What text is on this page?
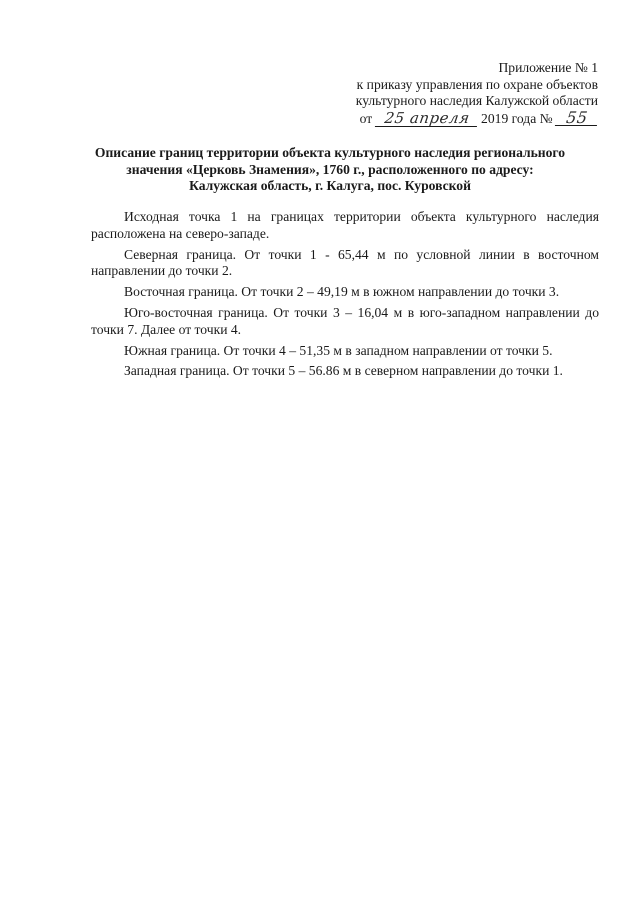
Приложение № 1
к приказу управления по охране объектов
культурного наследия Калужской области
от 25 апреля 2019 года № 55
Описание границ территории объекта культурного наследия регионального
значения «Церковь Знамения», 1760 г., расположенного по адресу:
Калужская область, г. Калуга, пос. Куровской

Исходная точка 1 на границах территории объекта культурного наследия расположена на северо-западе.

Северная граница. От точки 1 - 65,44 м по условной линии в восточном направлении до точки 2.

Восточная граница. От точки 2 – 49,19 м в южном направлении до точки 3.

Юго-восточная граница. От точки 3 – 16,04 м в юго-западном направлении до точки 7. Далее от точки 4.

Южная граница. От точки 4 – 51,35 м в западном направлении от точки 5.

Западная граница. От точки 5 – 56.86 м в северном направлении до точки 1.
